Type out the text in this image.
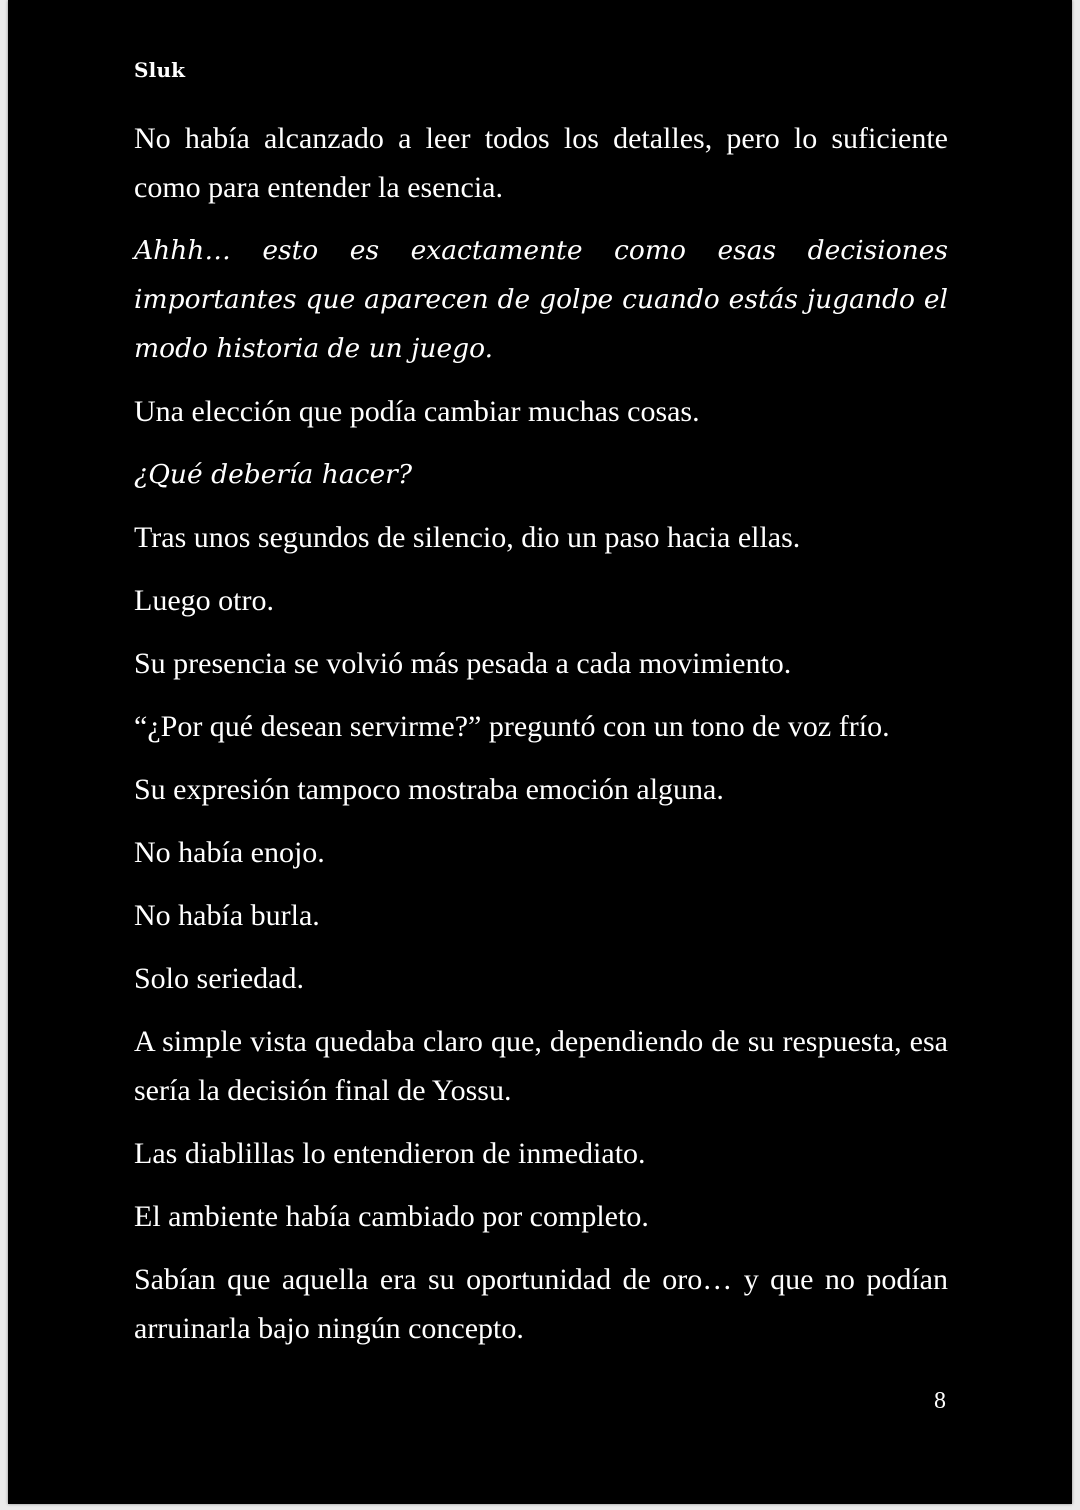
Sluk

No había alcanzado a leer todos los detalles, pero lo suficiente como para entender la esencia.

Ahhh… esto es exactamente como esas decisiones importantes que aparecen de golpe cuando estás jugando el modo historia de un juego.

Una elección que podía cambiar muchas cosas.

¿Qué debería hacer?

Tras unos segundos de silencio, dio un paso hacia ellas.

Luego otro.

Su presencia se volvió más pesada a cada movimiento.

“¿Por qué desean servirme?” preguntó con un tono de voz frío.

Su expresión tampoco mostraba emoción alguna.

No había enojo.

No había burla.

Solo seriedad.

A simple vista quedaba claro que, dependiendo de su respuesta, esa sería la decisión final de Yossu.

Las diablillas lo entendieron de inmediato.

El ambiente había cambiado por completo.

Sabían que aquella era su oportunidad de oro… y que no podían arruinarla bajo ningún concepto.

8
